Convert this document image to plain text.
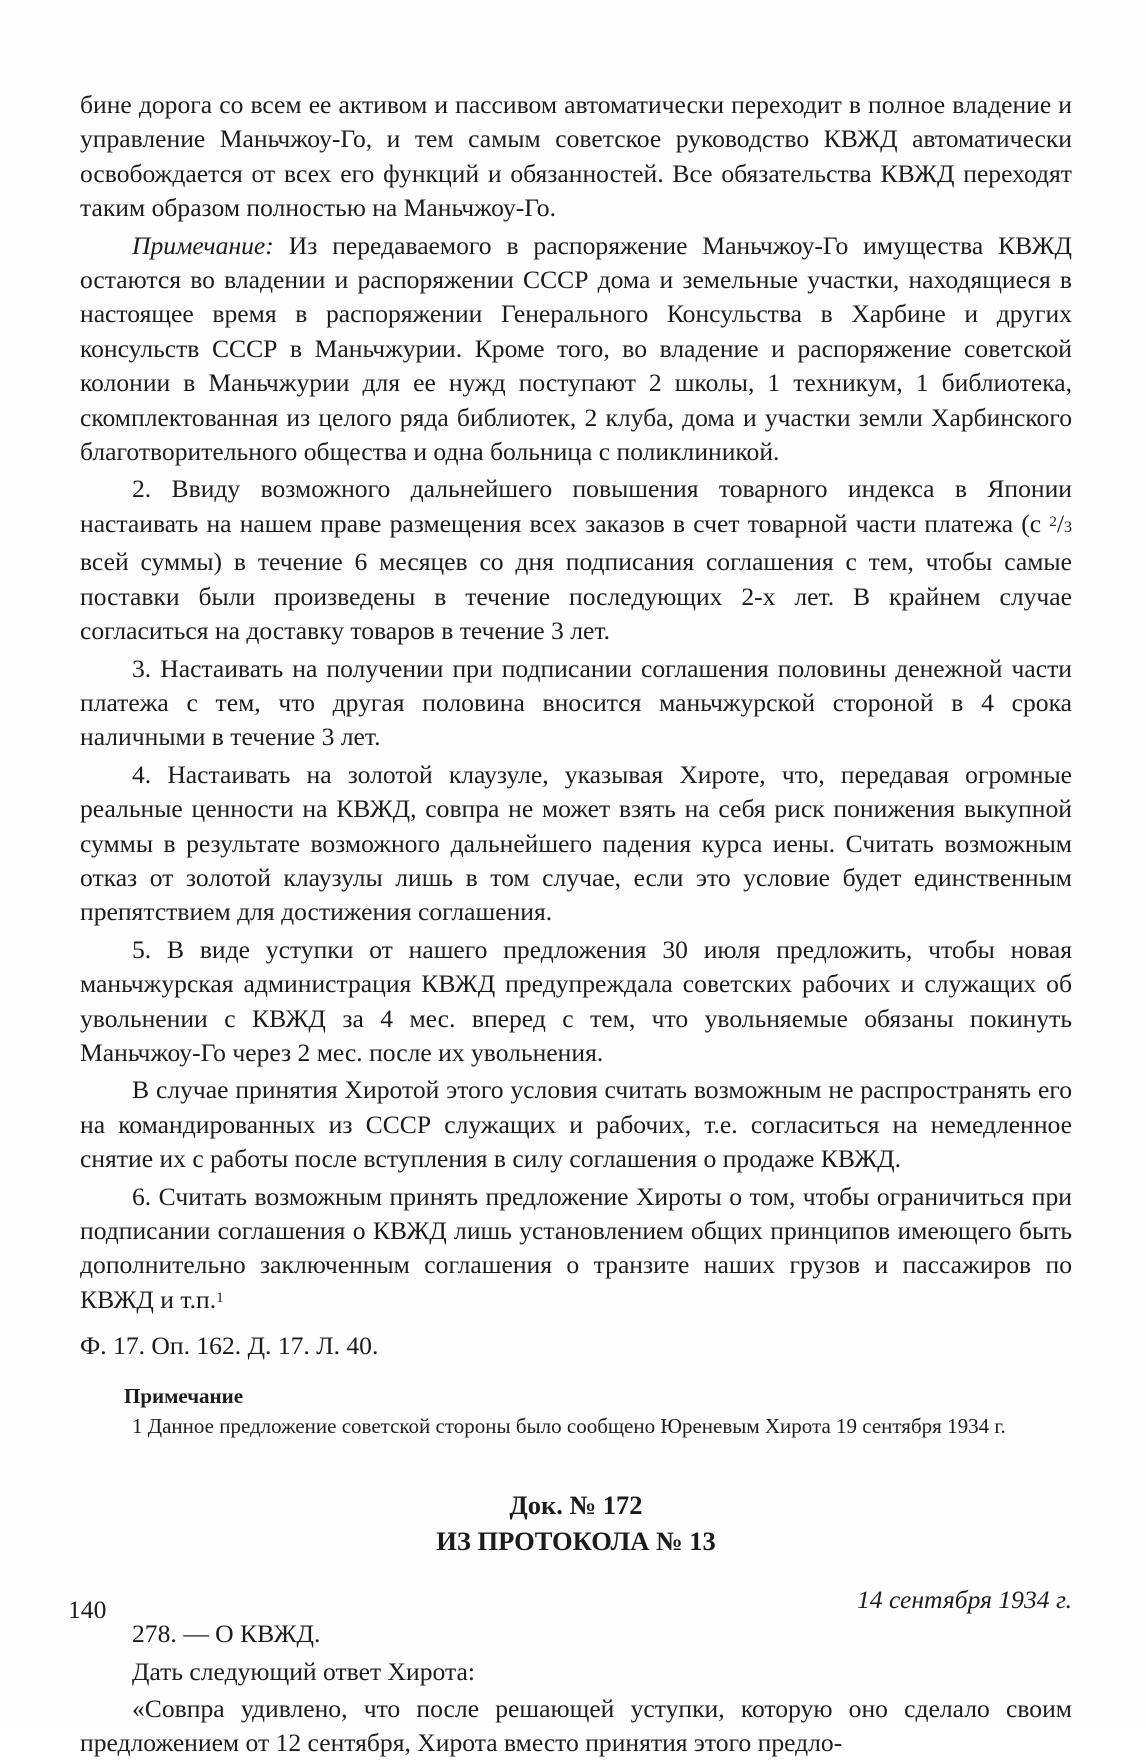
бине дорога со всем ее активом и пассивом автоматически переходит в полное владение и управление Маньчжоу-Го, и тем самым советское руководство КВЖД автоматически освобождается от всех его функций и обязанностей. Все обязательства КВЖД переходят таким образом полностью на Маньчжоу-Го.

Примечание: Из передаваемого в распоряжение Маньчжоу-Го имущества КВЖД остаются во владении и распоряжении СССР дома и земельные участки, находящиеся в настоящее время в распоряжении Генерального Консульства в Харбине и других консульств СССР в Маньчжурии. Кроме того, во владение и распоряжение советской колонии в Маньчжурии для ее нужд поступают 2 школы, 1 техникум, 1 библиотека, скомплектованная из целого ряда библиотек, 2 клуба, дома и участки земли Харбинского благотворительного общества и одна больница с поликлиникой.

2. Ввиду возможного дальнейшего повышения товарного индекса в Японии настаивать на нашем праве размещения всех заказов в счет товарной части платежа (с $^2$/3 всей суммы) в течение 6 месяцев со дня подписания соглашения с тем, чтобы самые поставки были произведены в течение последующих 2-х лет. В крайнем случае согласиться на доставку товаров в течение 3 лет.

3. Настаивать на получении при подписании соглашения половины денежной части платежа с тем, что другая половина вносится маньчжурской стороной в 4 срока наличными в течение 3 лет.

4. Настаивать на золотой клаузуле, указывая Хироте, что, передавая огромные реальные ценности на КВЖД, совпра не может взять на себя риск понижения выкупной суммы в результате возможного дальнейшего падения курса иены. Считать возможным отказ от золотой клаузулы лишь в том случае, если это условие будет единственным препятствием для достижения соглашения.

5. В виде уступки от нашего предложения 30 июля предложить, чтобы новая маньчжурская администрация КВЖД предупреждала советских рабочих и служащих об увольнении с КВЖД за 4 мес. вперед с тем, что увольняемые обязаны покинуть Маньчжоу-Го через 2 мес. после их увольнения.

В случае принятия Хиротой этого условия считать возможным не распространять его на командированных из СССР служащих и рабочих, т.е. согласиться на немедленное снятие их с работы после вступления в силу соглашения о продаже КВЖД.

6. Считать возможным принять предложение Хироты о том, чтобы ограничиться при подписании соглашения о КВЖД лишь установлением общих принципов имеющего быть дополнительно заключенным соглашения о транзите наших грузов и пассажиров по КВЖД и т.п.$^1$

Ф. 17. Оп. 162. Д. 17. Л. 40.

Примечание

1 Данное предложение советской стороны было сообщено Юреневым Хирота 19 сентября 1934 г.

Док. № 172

ИЗ ПРОТОКОЛА № 13

14 сентября 1934 г.

278. — О КВЖД.

Дать следующий ответ Хирота:

«Совпра удивлено, что после решающей уступки, которую оно сделало своим предложением от 12 сентября, Хирота вместо принятия этого предло-

140
